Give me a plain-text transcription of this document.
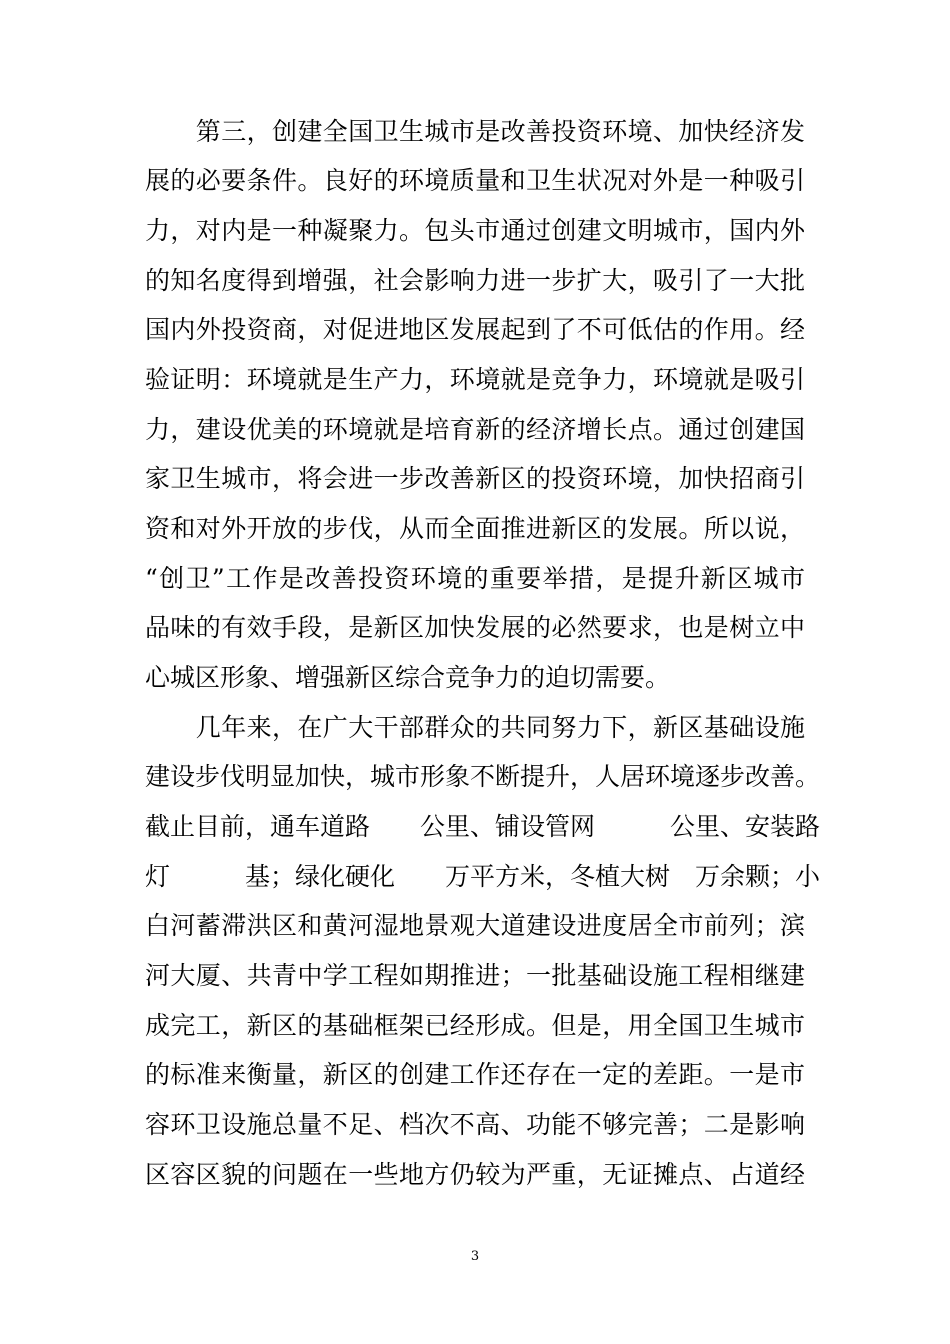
　　第三，创建全国卫生城市是改善投资环境、加快经济发
展的必要条件。良好的环境质量和卫生状况对外是一种吸引
力，对内是一种凝聚力。包头市通过创建文明城市，国内外
的知名度得到增强，社会影响力进一步扩大，吸引了一大批
国内外投资商，对促进地区发展起到了不可低估的作用。经
验证明：环境就是生产力，环境就是竞争力，环境就是吸引
力，建设优美的环境就是培育新的经济增长点。通过创建国
家卫生城市，将会进一步改善新区的投资环境，加快招商引
资和对外开放的步伐，从而全面推进新区的发展。所以说，
“创卫”工作是改善投资环境的重要举措，是提升新区城市
品味的有效手段，是新区加快发展的必然要求，也是树立中
心城区形象、增强新区综合竞争力的迫切需要。
　　几年来，在广大干部群众的共同努力下，新区基础设施
建设步伐明显加快，城市形象不断提升，人居环境逐步改善。
截止目前，通车道路　　公里、铺设管网　　　公里、安装路
灯　　　基；绿化硬化　　万平方米，冬植大树　万余颗；小
白河蓄滞洪区和黄河湿地景观大道建设进度居全市前列；滨
河大厦、共青中学工程如期推进；一批基础设施工程相继建
成完工，新区的基础框架已经形成。但是，用全国卫生城市
的标准来衡量，新区的创建工作还存在一定的差距。一是市
容环卫设施总量不足、档次不高、功能不够完善；二是影响
区容区貌的问题在一些地方仍较为严重，无证摊点、占道经
3
